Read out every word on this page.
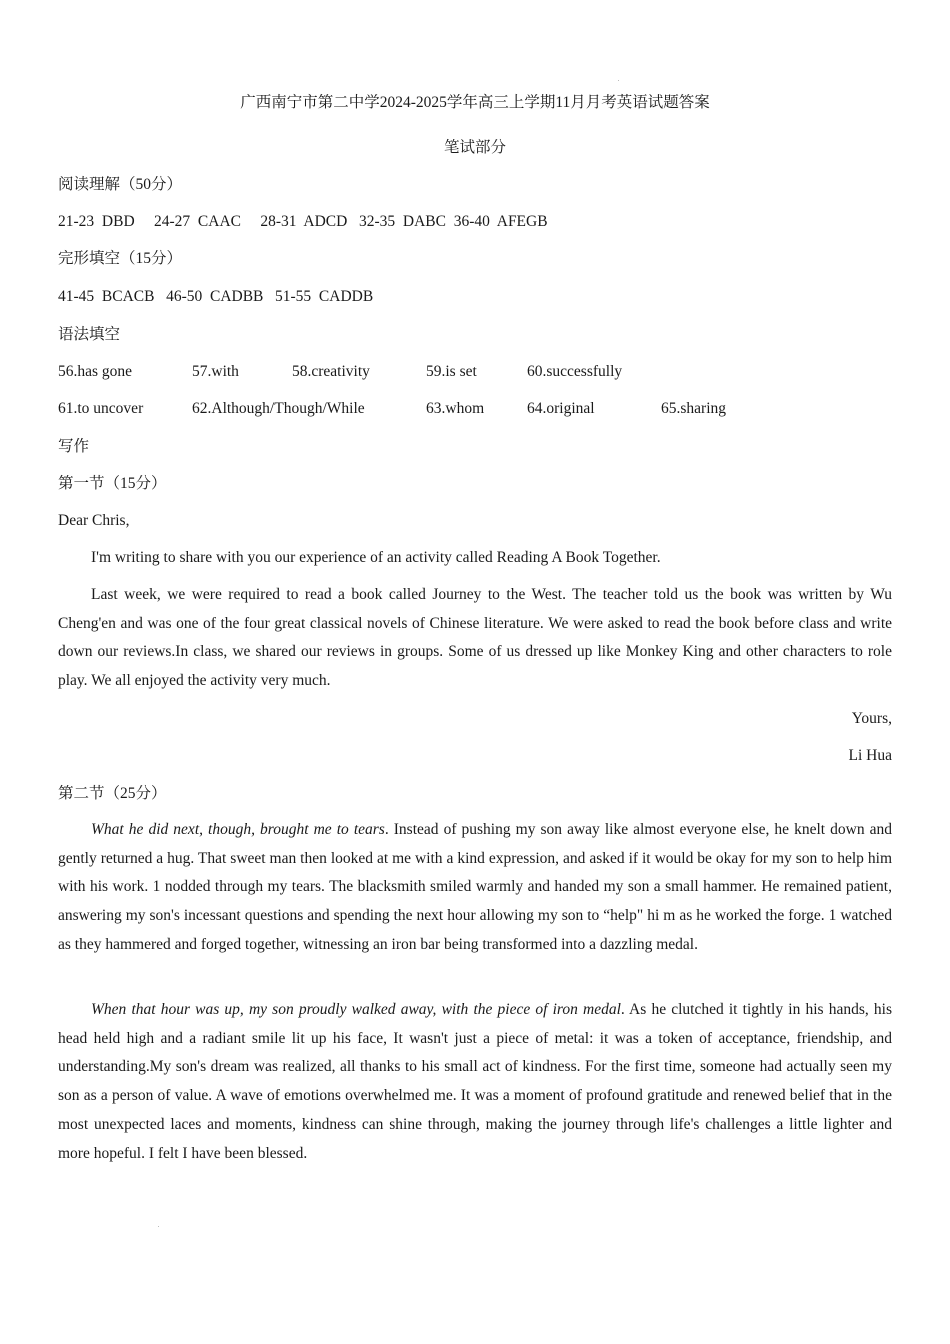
广西南宁市第二中学2024-2025学年高三上学期11月月考英语试题答案
笔试部分
阅读理解（50分）
21-23  DBD     24-27  CAAC     28-31  ADCD   32-35  DABC  36-40  AFEGB
完形填空（15分）
41-45  BCACB   46-50  CADBB   51-55  CADDB
语法填空
56.has gone	57.with	58.creativity	59.is set	60.successfully
61.to uncover	62.Although/Though/While	63.whom	64.original	65.sharing
写作
第一节（15分）
Dear Chris,
I'm writing to share with you our experience of an activity called Reading A Book Together.
Last week, we were required to read a book called Journey to the West. The teacher told us the book was written by Wu Cheng'en and was one of the four great classical novels of Chinese literature. We were asked to read the book before class and write down our reviews.In class, we shared our reviews in groups. Some of us dressed up like Monkey King and other characters to role play. We all enjoyed the activity very much.
Yours,
Li Hua
第二节（25分）
What he did next, though, brought me to tears. Instead of pushing my son away like almost everyone else, he knelt down and gently returned a hug. That sweet man then looked at me with a kind expression, and asked if it would be okay for my son to help him with his work. 1 nodded through my tears. The blacksmith smiled warmly and handed my son a small hammer. He remained patient, answering my son's incessant questions and spending the next hour allowing my son to “help" hi m as he worked the forge. 1 watched as they hammered and forged together, witnessing an iron bar being transformed into a dazzling medal.
When that hour was up, my son proudly walked away, with the piece of iron medal. As he clutched it tightly in his hands, his head held high and a radiant smile lit up his face, It wasn't just a piece of metal: it was a token of acceptance, friendship, and understanding.My son's dream was realized, all thanks to his small act of kindness. For the first time, someone had actually seen my son as a person of value. A wave of emotions overwhelmed me. It was a moment of profound gratitude and renewed belief that in the most unexpected laces and moments, kindness can shine through, making the journey through life's challenges a little lighter and more hopeful. I felt I have been blessed.
